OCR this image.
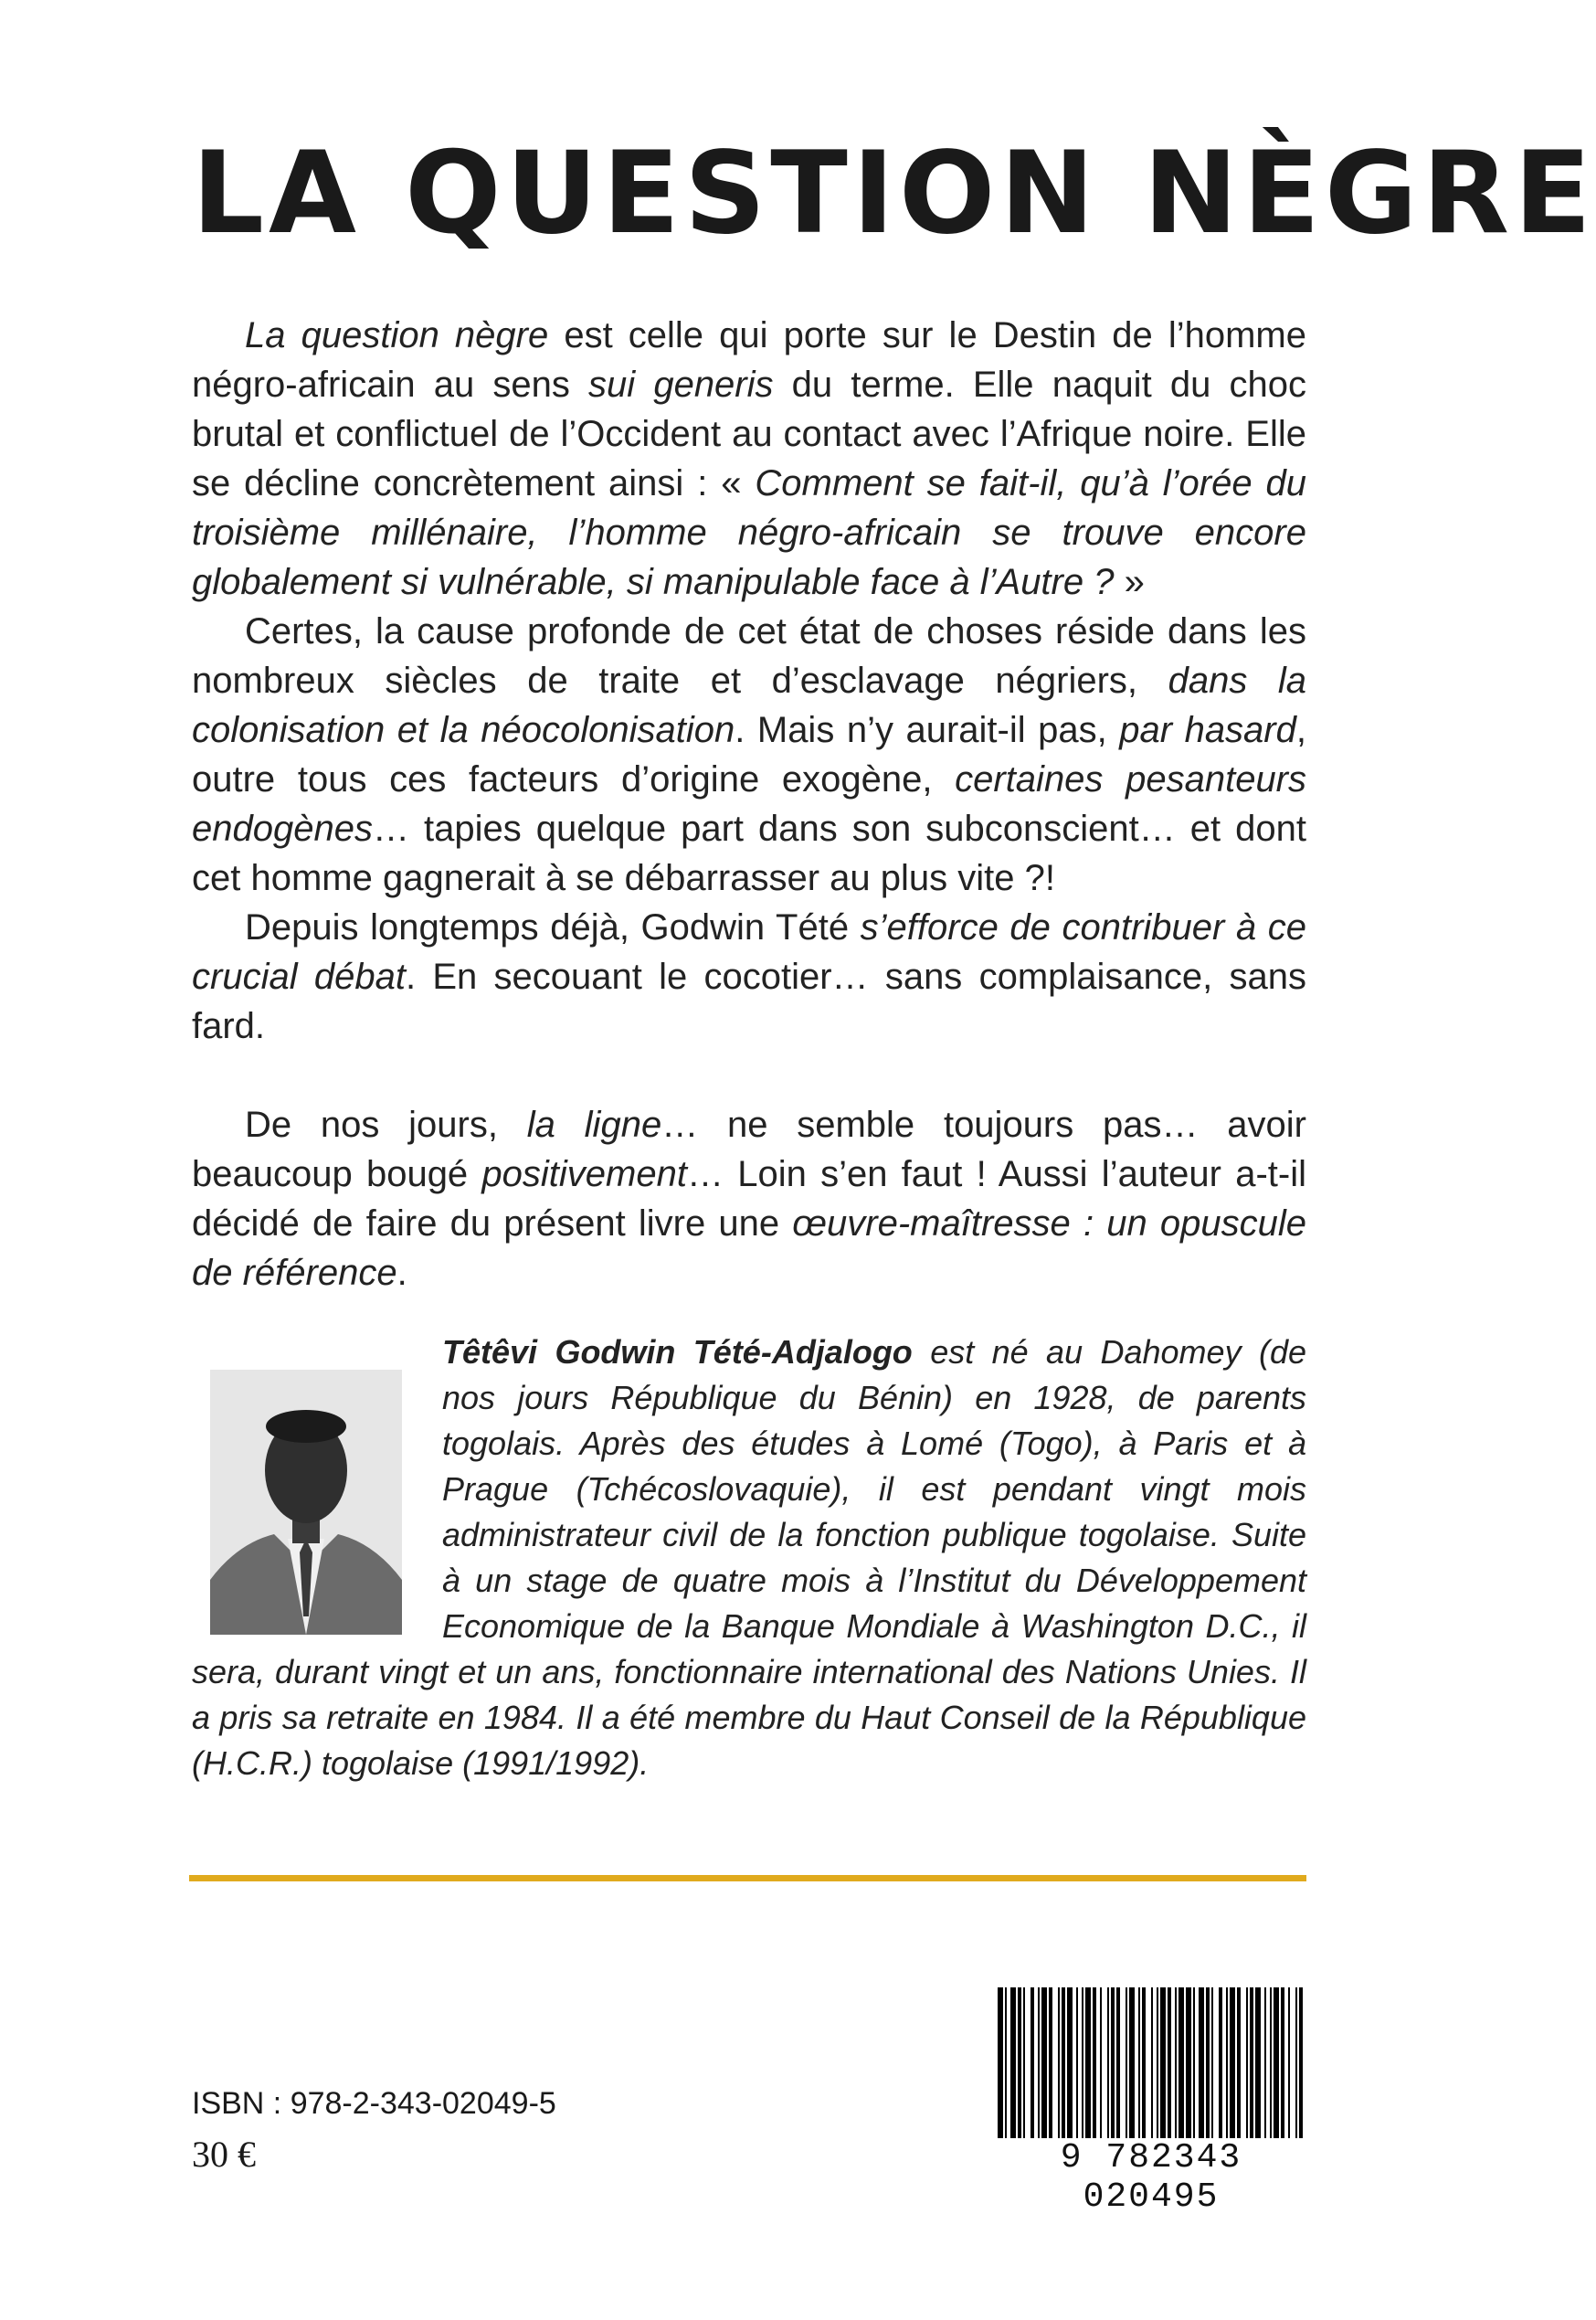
LA QUESTION NÈGRE

La question nègre est celle qui porte sur le Destin de l’homme négro-africain au sens sui generis du terme. Elle naquit du choc brutal et conflictuel de l’Occident au contact avec l’Afrique noire. Elle se décline concrètement ainsi : « Comment se fait-il, qu’à l’orée du troisième millénaire, l’homme négro-africain se trouve encore globalement si vulnérable, si manipulable face à l’Autre ? »

Certes, la cause profonde de cet état de choses réside dans les nombreux siècles de traite et d’esclavage négriers, dans la colonisation et la néocolonisation. Mais n’y aurait-il pas, par hasard, outre tous ces facteurs d’origine exogène, certaines pesanteurs endogènes… tapies quelque part dans son subconscient… et dont cet homme gagnerait à se débarrasser au plus vite ?!

Depuis longtemps déjà, Godwin Tété s’efforce de contribuer à ce crucial débat. En secouant le cocotier… sans complaisance, sans fard.

De nos jours, la ligne… ne semble toujours pas… avoir beaucoup bougé positivement… Loin s’en faut ! Aussi l’auteur a-t-il décidé de faire du présent livre une œuvre-maîtresse : un opuscule de référence.

Têtêvi Godwin Tété-Adjalogo est né au Dahomey (de nos jours République du Bénin) en 1928, de parents togolais. Après des études à Lomé (Togo), à Paris et à Prague (Tchécoslovaquie), il est pendant vingt mois administrateur civil de la fonction publique togolaise. Suite à un stage de quatre mois à l’Institut du Développement Economique de la Banque Mondiale à Washington D.C., il sera, durant vingt et un ans, fonctionnaire international des Nations Unies. Il a pris sa retraite en 1984. Il a été membre du Haut Conseil de la République (H.C.R.) togolaise (1991/1992).

ISBN : 978-2-343-02049-5
30 €	9 782343 020495
